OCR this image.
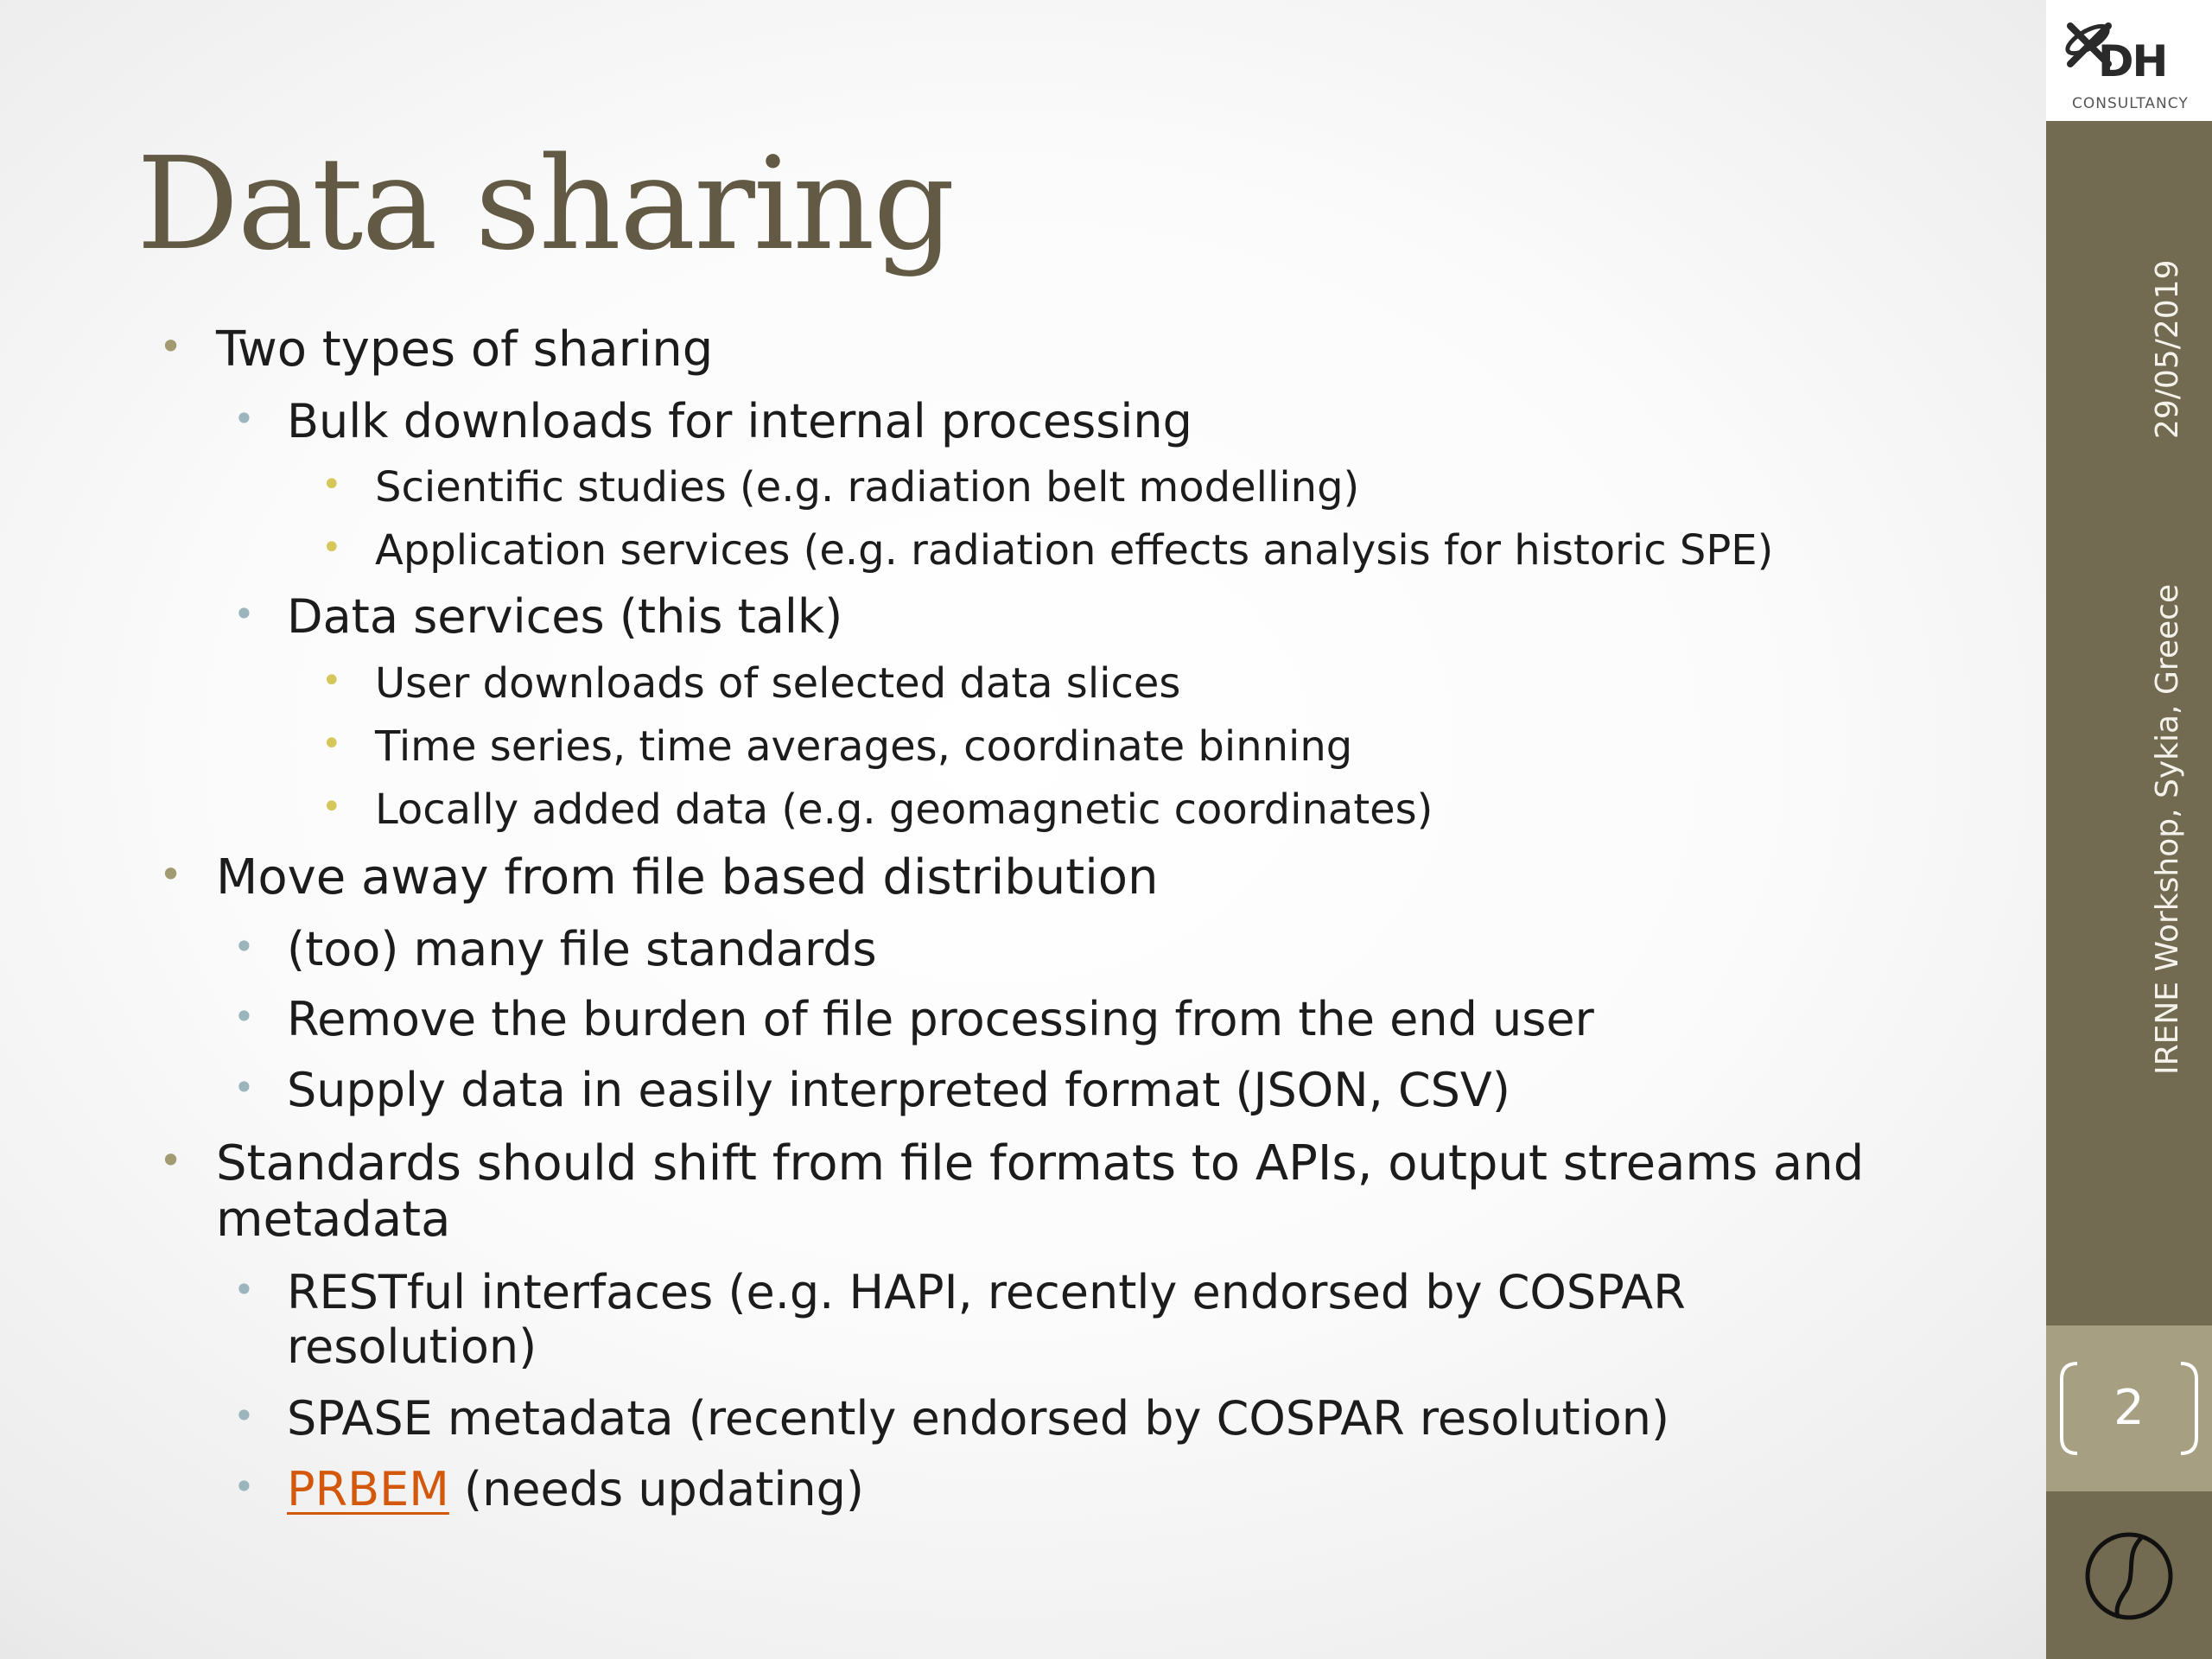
Data sharing
• Two types of sharing
• Bulk downloads for internal processing
• Scientific studies (e.g. radiation belt modelling)
• Application services (e.g. radiation effects analysis for historic SPE)
• Data services (this talk)
• User downloads of selected data slices
• Time series, time averages, coordinate binning
• Locally added data (e.g. geomagnetic coordinates)
• Move away from file based distribution
• (too) many file standards
• Remove the burden of file processing from the end user
• Supply data in easily interpreted format (JSON, CSV)
• Standards should shift from file formats to APIs, output streams and
metadata
• RESTful interfaces (e.g. HAPI, recently endorsed by COSPAR
resolution)
• SPASE metadata (recently endorsed by COSPAR resolution)
• PRBEM (needs updating)
DH
CONSULTANCY
29/05/2019
IRENE Workshop, Sykia, Greece
2
